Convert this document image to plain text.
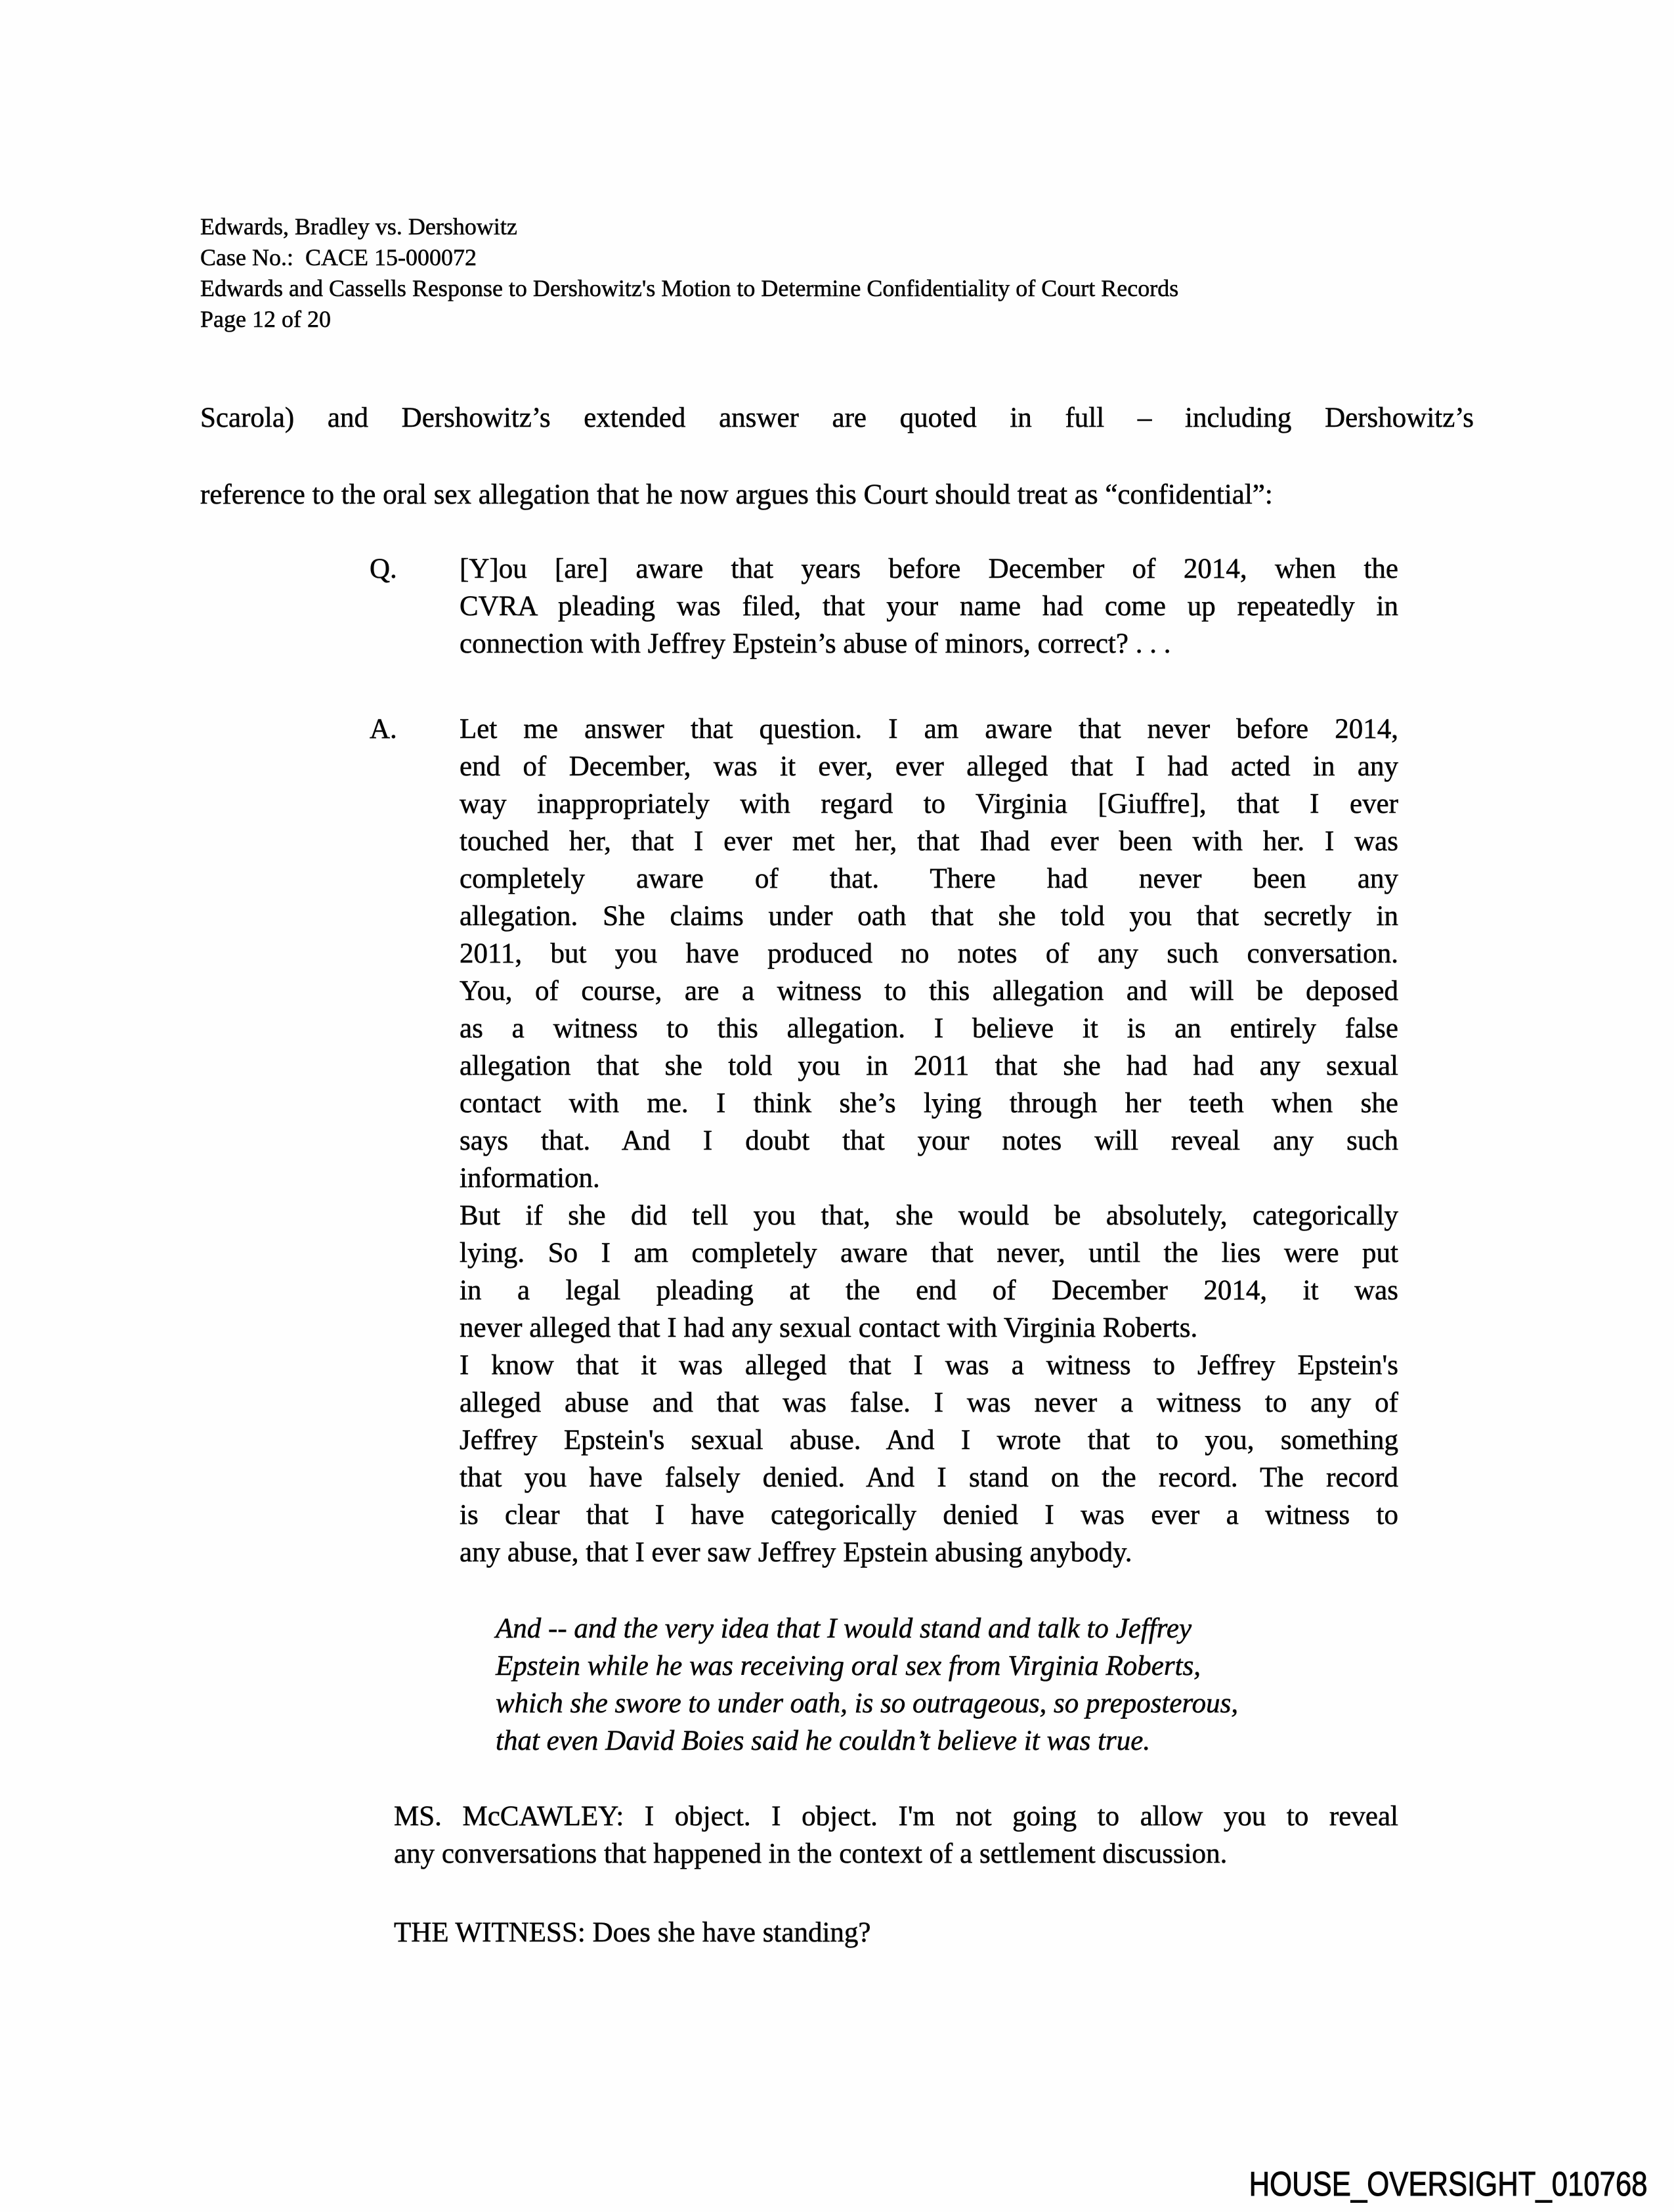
Edwards, Bradley vs. Dershowitz
Case No.:  CACE 15-000072
Edwards and Cassells Response to Dershowitz's Motion to Determine Confidentiality of Court Records
Page 12 of 20
Scarola) and Dershowitz’s extended answer are quoted in full – including Dershowitz’s
reference to the oral sex allegation that he now argues this Court should treat as “confidential”:
Q. [Y]ou [are] aware that years before December of 2014, when the
CVRA pleading was filed, that your name had come up repeatedly in
connection with Jeffrey Epstein’s abuse of minors, correct? . . .
A. Let me answer that question. I am aware that never before 2014,
end of December, was it ever, ever alleged that I had acted in any
way inappropriately with regard to Virginia [Giuffre], that I ever
touched her, that I ever met her, that Ihad ever been with her. I was
completely aware of that. There had never been any
allegation. She claims under oath that she told you that secretly in
2011, but you have produced no notes of any such conversation.
You, of course, are a witness to this allegation and will be deposed
as a witness to this allegation. I believe it is an entirely false
allegation that she told you in 2011 that she had had any sexual
contact with me. I think she’s lying through her teeth when she
says that. And I doubt that your notes will reveal any such
information.
But if she did tell you that, she would be absolutely, categorically
lying. So I am completely aware that never, until the lies were put
in a legal pleading at the end of December 2014, it was
never alleged that I had any sexual contact with Virginia Roberts.
I know that it was alleged that I was a witness to Jeffrey Epstein's
alleged abuse and that was false. I was never a witness to any of
Jeffrey Epstein's sexual abuse. And I wrote that to you, something
that you have falsely denied. And I stand on the record. The record
is clear that I have categorically denied I was ever a witness to
any abuse, that I ever saw Jeffrey Epstein abusing anybody.
And -- and the very idea that I would stand and talk to Jeffrey
Epstein while he was receiving oral sex from Virginia Roberts,
which she swore to under oath, is so outrageous, so preposterous,
that even David Boies said he couldn’t believe it was true.
MS. McCAWLEY: I object. I object. I'm not going to allow you to reveal
any conversations that happened in the context of a settlement discussion.
THE WITNESS: Does she have standing?
HOUSE_OVERSIGHT_010768
